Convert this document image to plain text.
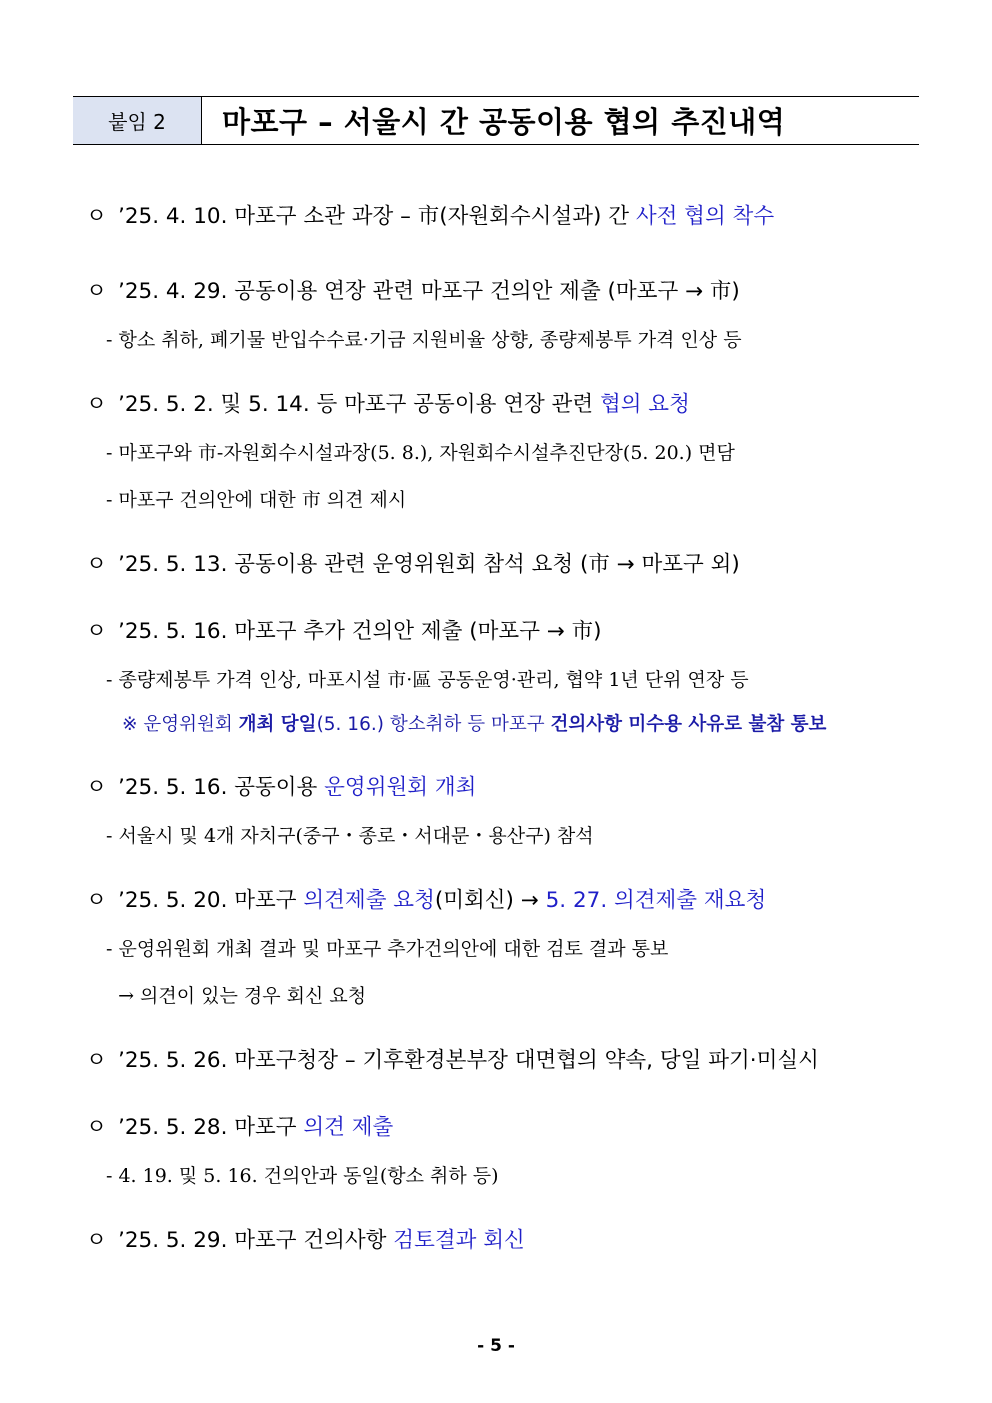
붙임 2	마포구 – 서울시 간 공동이용 협의 추진내역
ㅇ ’25. 4. 10. 마포구 소관 과장 – 市(자원회수시설과) 간 사전 협의 착수
ㅇ ’25. 4. 29. 공동이용 연장 관련 마포구 건의안 제출 (마포구 → 市)
- 항소 취하, 폐기물 반입수수료·기금 지원비율 상향, 종량제봉투 가격 인상 등
ㅇ ’25. 5. 2. 및 5. 14. 등 마포구 공동이용 연장 관련 협의 요청
- 마포구와 市-자원회수시설과장(5. 8.), 자원회수시설추진단장(5. 20.) 면담
- 마포구 건의안에 대한 市 의견 제시
ㅇ ’25. 5. 13. 공동이용 관련 운영위원회 참석 요청 (市 → 마포구 외)
ㅇ ’25. 5. 16. 마포구 추가 건의안 제출 (마포구 → 市)
- 종량제봉투 가격 인상, 마포시설 市·區 공동운영·관리, 협약 1년 단위 연장 등
※ 운영위원회 개최 당일(5. 16.) 항소취하 등 마포구 건의사항 미수용 사유로 불참 통보
ㅇ ’25. 5. 16. 공동이용 운영위원회 개최
- 서울시 및 4개 자치구(중구・종로・서대문・용산구) 참석
ㅇ ’25. 5. 20. 마포구 의견제출 요청(미회신) → 5. 27. 의견제출 재요청
- 운영위원회 개최 결과 및 마포구 추가건의안에 대한 검토 결과 통보
→ 의견이 있는 경우 회신 요청
ㅇ ’25. 5. 26. 마포구청장 – 기후환경본부장 대면협의 약속, 당일 파기·미실시
ㅇ ’25. 5. 28. 마포구 의견 제출
- 4. 19. 및 5. 16. 건의안과 동일(항소 취하 등)
ㅇ ’25. 5. 29. 마포구 건의사항 검토결과 회신
- 5 -
